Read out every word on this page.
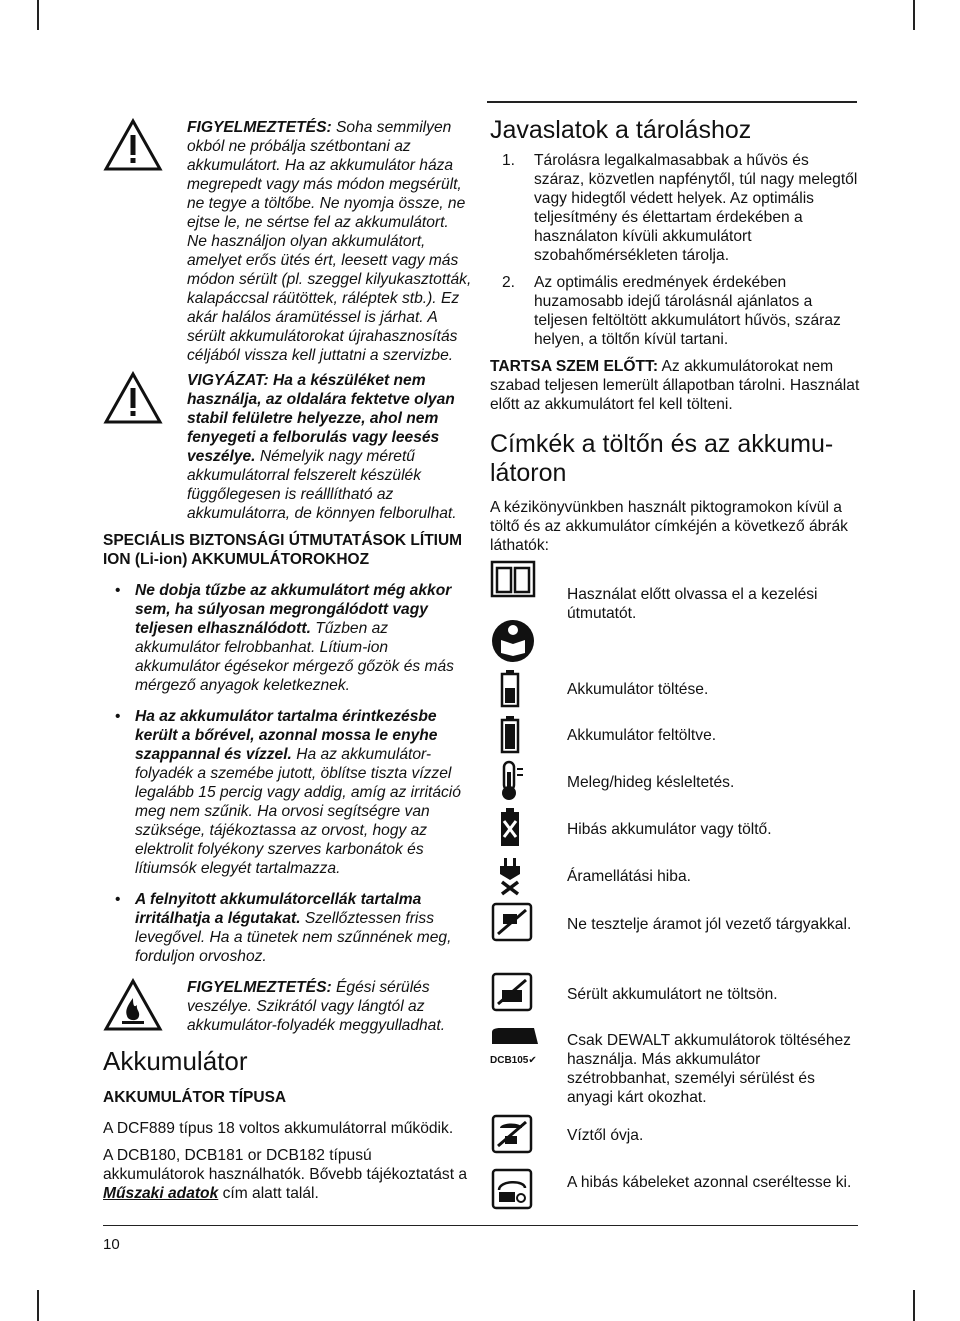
FIGYELMEZTETÉS: Soha semmilyen okból ne próbálja szétbontani az akkumulátort. Ha az akkumulátor háza megrepedt vagy más módon megsérült, ne tegye a töltőbe. Ne nyomja össze, ne ejtse le, ne sértse fel az akkumulátort. Ne használjon olyan akkumulátort, amelyet erős ütés ért, leesett vagy más módon sérült (pl. szeggel kilyukasztották, kalapáccsal ráütöttek, ráléptek stb.). Ez akár halálos áramütéssel is járhat. A sérült akkumulátorokat újrahasznosítás céljából vissza kell juttatni a szervizbe.
VIGYÁZAT: Ha a készüléket nem használja, az oldalára fektetve olyan stabil felületre helyezze, ahol nem fenyegeti a felborulás vagy leesés veszélye. Némelyik nagy méretű akkumulátorral felszerelt készülék függőlegesen is reálllítható az akkumulátorra, de könnyen felborulhat.
SPECIÁLIS BIZTONSÁGI ÚTMUTATÁSOK LÍTIUM ION (Li-ion) AKKUMULÁTOROKHOZ
• Ne dobja tűzbe az akkumulátort még akkor sem, ha súlyosan megrongálódott vagy teljesen elhasználódott. Tűzben az akkumulátor felrobbanhat. Lítium-ion akkumulátor égésekor mérgező gőzök és más mérgező anyagok keletkeznek.
• Ha az akkumulátor tartalma érintkezésbe került a bőrével, azonnal mossa le enyhe szappannal és vízzel. Ha az akkumulátor-folyadék a szemébe jutott, öblítse tiszta vízzel legalább 15 percig vagy addig, amíg az irritáció meg nem szűnik. Ha orvosi segítségre van szüksége, tájékoztassa az orvost, hogy az elektrolit folyékony szerves karbonátok és lítiumsók elegyét tartalmazza.
• A felnyitott akkumulátorcellák tartalma irritálhatja a légutakat. Szellőztessen friss levegővel. Ha a tünetek nem szűnnének meg, forduljon orvoshoz.
FIGYELMEZTETÉS: Égési sérülés veszélye. Szikrától vagy lángtól az akkumulátor-folyadék meggyulladhat.
Akkumulátor
AKKUMULÁTOR TÍPUSA

A DCF889 típus 18 voltos akkumulátorral működik.

A DCB180, DCB181 or DCB182 típusú akkumulátorok használhatók. Bővebb tájékoztatást a Műszaki adatok cím alatt talál.

Javaslatok a tároláshoz
1.	Tárolásra legalkalmasabbak a hűvös és száraz, közvetlen napfénytől, túl nagy melegtől vagy hidegtől védett helyek. Az optimális teljesítmény és élettartam érdekében a használaton kívüli akkumulátort szobahőmérsékleten tárolja.
2.	Az optimális eredmények érdekében huzamosabb idejű tárolásnál ajánlatos a teljesen feltöltött akkumulátort hűvös, száraz helyen, a töltőn kívül tartani.

TARTSA SZEM ELŐTT: Az akkumulátorokat nem szabad teljesen lemerült állapotban tárolni. Használat előtt az akkumulátort fel kell tölteni.

Címkék a töltőn és az akkumu-látoron

A kézikönyvünkben használt piktogramokon kívül a töltő és az akkumulátor címkéjén a következő ábrák láthatók:

DCB105✔
Használat előtt olvassa el a kezelési útmutatót.
Akkumulátor töltése.
Akkumulátor feltöltve.
Meleg/hideg késleltetés.
Hibás akkumulátor vagy töltő.
Áramellátási hiba.
Ne tesztelje áramot jól vezető tárgyakkal.
Sérült akkumulátort ne töltsön.
Csak DEWALT akkumulátorok töltéséhez használja. Más akkumulátor szétrobbanhat, személyi sérülést és anyagi kárt okozhat.
Víztől óvja.
A hibás kábeleket azonnal cseréltesse ki.
10
